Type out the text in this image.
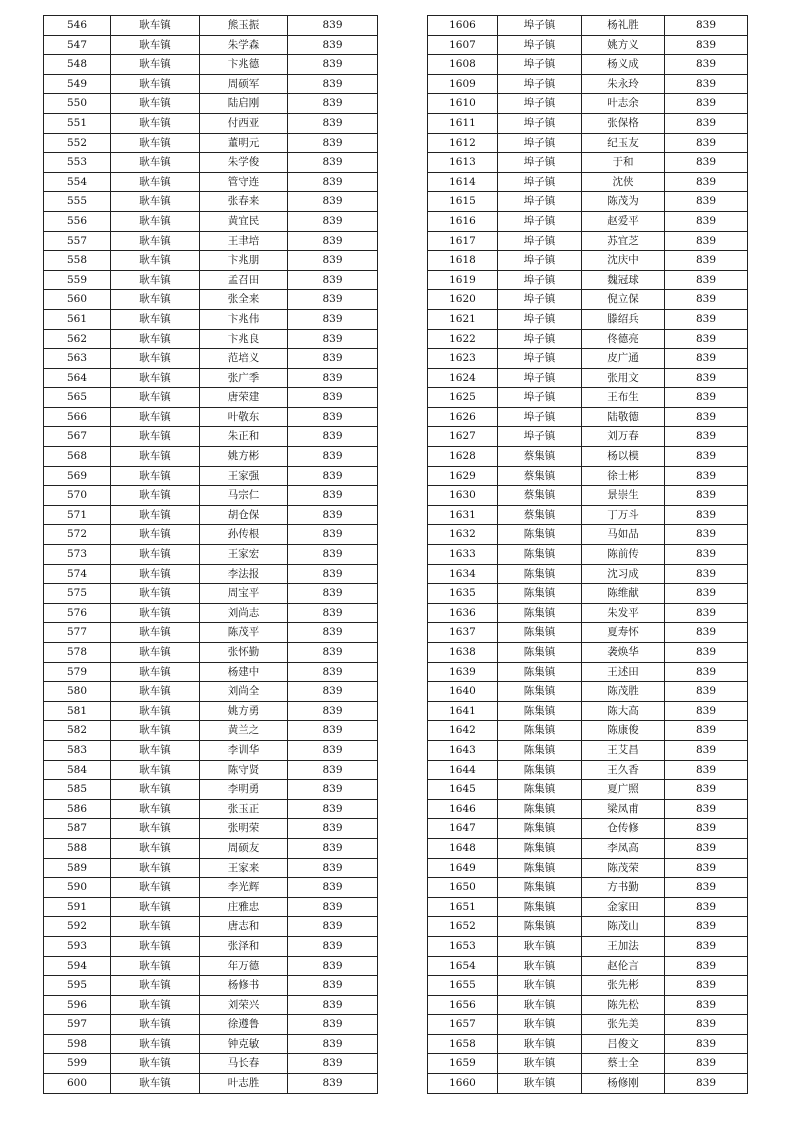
546	耿车镇	熊玉振	839
547	耿车镇	朱学森	839
548	耿车镇	卞兆德	839
549	耿车镇	周硕军	839
550	耿车镇	陆启刚	839
551	耿车镇	付西亚	839
552	耿车镇	董明元	839
553	耿车镇	朱学俊	839
554	耿车镇	管守连	839
555	耿车镇	张春来	839
556	耿车镇	黄宜民	839
557	耿车镇	王聿培	839
558	耿车镇	卞兆朋	839
559	耿车镇	孟召田	839
560	耿车镇	张全来	839
561	耿车镇	卞兆伟	839
562	耿车镇	卞兆良	839
563	耿车镇	范培义	839
564	耿车镇	张广季	839
565	耿车镇	唐荣建	839
566	耿车镇	叶敬东	839
567	耿车镇	朱正和	839
568	耿车镇	姚方彬	839
569	耿车镇	王家强	839
570	耿车镇	马宗仁	839
571	耿车镇	胡仓保	839
572	耿车镇	孙传根	839
573	耿车镇	王家宏	839
574	耿车镇	李法报	839
575	耿车镇	周宝平	839
576	耿车镇	刘尚志	839
577	耿车镇	陈茂平	839
578	耿车镇	张怀勤	839
579	耿车镇	杨建中	839
580	耿车镇	刘尚全	839
581	耿车镇	姚方勇	839
582	耿车镇	黄兰之	839
583	耿车镇	李训华	839
584	耿车镇	陈守贤	839
585	耿车镇	李明勇	839
586	耿车镇	张玉正	839
587	耿车镇	张明荣	839
588	耿车镇	周硕友	839
589	耿车镇	王家来	839
590	耿车镇	李光辉	839
591	耿车镇	庄雅忠	839
592	耿车镇	唐志和	839
593	耿车镇	张泽和	839
594	耿车镇	年万德	839
595	耿车镇	杨修书	839
596	耿车镇	刘荣兴	839
597	耿车镇	徐遵鲁	839
598	耿车镇	钟克敏	839
599	耿车镇	马长春	839
600	耿车镇	叶志胜	839
1606	埠子镇	杨礼胜	839
1607	埠子镇	姚方义	839
1608	埠子镇	杨义成	839
1609	埠子镇	朱永玲	839
1610	埠子镇	叶志余	839
1611	埠子镇	张保格	839
1612	埠子镇	纪玉友	839
1613	埠子镇	于和	839
1614	埠子镇	沈侠	839
1615	埠子镇	陈茂为	839
1616	埠子镇	赵爱平	839
1617	埠子镇	苏宜芝	839
1618	埠子镇	沈庆中	839
1619	埠子镇	魏冠球	839
1620	埠子镇	倪立保	839
1621	埠子镇	滕绍兵	839
1622	埠子镇	佟德亮	839
1623	埠子镇	皮广通	839
1624	埠子镇	张用文	839
1625	埠子镇	王布生	839
1626	埠子镇	陆敬德	839
1627	埠子镇	刘万春	839
1628	蔡集镇	杨以模	839
1629	蔡集镇	徐士彬	839
1630	蔡集镇	景崇生	839
1631	蔡集镇	丁万斗	839
1632	陈集镇	马如品	839
1633	陈集镇	陈前传	839
1634	陈集镇	沈习成	839
1635	陈集镇	陈维献	839
1636	陈集镇	朱发平	839
1637	陈集镇	夏寿怀	839
1638	陈集镇	袭焕华	839
1639	陈集镇	王述田	839
1640	陈集镇	陈茂胜	839
1641	陈集镇	陈大高	839
1642	陈集镇	陈康俊	839
1643	陈集镇	王艾昌	839
1644	陈集镇	王久香	839
1645	陈集镇	夏广照	839
1646	陈集镇	梁凤甫	839
1647	陈集镇	仓传修	839
1648	陈集镇	李凤高	839
1649	陈集镇	陈茂荣	839
1650	陈集镇	方书勤	839
1651	陈集镇	金家田	839
1652	陈集镇	陈茂山	839
1653	耿车镇	王加法	839
1654	耿车镇	赵伦言	839
1655	耿车镇	张先彬	839
1656	耿车镇	陈先松	839
1657	耿车镇	张先美	839
1658	耿车镇	吕俊文	839
1659	耿车镇	蔡士全	839
1660	耿车镇	杨修刚	839
